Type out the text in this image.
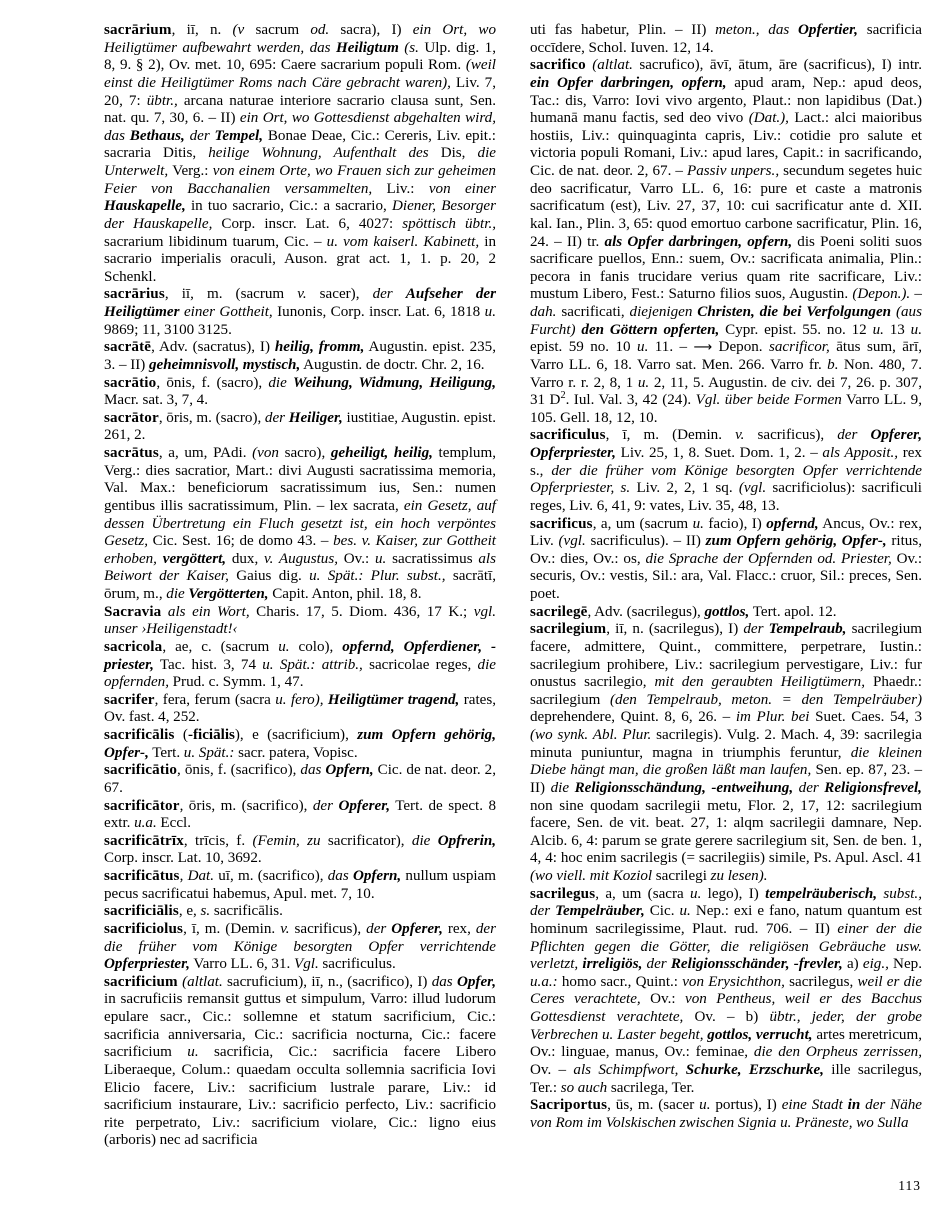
sacrārium, iī, n. (v sacrum od. sacra), I) ein Ort, wo Heiligtümer aufbewahrt werden, das Heiligtum (s. Ulp. dig. 1, 8, 9. § 2), Ov. met. 10, 695: Caere sacrarium populi Rom. (weil einst die Heiligtümer Roms nach Cäre gebracht waren), Liv. 7, 20, 7: übtr., arcana naturae interiore sacrario clausa sunt, Sen. nat. qu. 7, 30, 6. – II) ein Ort, wo Gottesdienst abgehalten wird, das Bethaus, der Tempel, Bonae Deae, Cic.: Cereris, Liv. epit.: sacraria Ditis, heilige Wohnung, Aufenthalt des Dis, die Unterwelt, Verg.: von einem Orte, wo Frauen sich zur geheimen Feier von Bacchanalien versammelten, Liv.: von einer Hauskapelle, in tuo sacrario, Cic.: a sacrario, Diener, Besorger der Hauskapelle, Corp. inscr. Lat. 6, 4027: spöttisch übtr., sacrarium libidinum tuarum, Cic. – u. vom kaiserl. Kabinett, in sacrario imperialis oraculi, Auson. grat act. 1, 1. p. 20, 2 Schenkl.

sacrārius, iī, m. (sacrum v. sacer), der Aufseher der Heiligtümer einer Gottheit, Iunonis, Corp. inscr. Lat. 6, 1818 u. 9869; 11, 3100 3125.

sacrātē, Adv. (sacratus), I) heilig, fromm, Augustin. epist. 235, 3. – II) geheimnisvoll, mystisch, Augustin. de doctr. Chr. 2, 16.

sacrātio, ōnis, f. (sacro), die Weihung, Widmung, Heiligung, Macr. sat. 3, 7, 4.

sacrātor, ōris, m. (sacro), der Heiliger, iustitiae, Augustin. epist. 261, 2.

sacrātus, a, um, PAdi. (von sacro), geheiligt, heilig, templum, Verg.: dies sacratior, Mart.: divi Augusti sacratissima memoria, Val. Max.: beneficiorum sacratissimum ius, Sen.: numen gentibus illis sacratissimum, Plin. – lex sacrata, ein Gesetz, auf dessen Übertretung ein Fluch gesetzt ist, ein hoch verpöntes Gesetz, Cic. Sest. 16; de domo 43. – bes. v. Kaiser, zur Gottheit erhoben, vergöttert, dux, v. Augustus, Ov.: u. sacratissimus als Beiwort der Kaiser, Gaius dig. u. Spät.: Plur. subst., sacrātī, ōrum, m., die Vergötterten, Capit. Anton, phil. 18, 8.

Sacravia als ein Wort, Charis. 17, 5. Diom. 436, 17 K.; vgl. unser ›Heiligenstadt!‹

sacricola, ae, c. (sacrum u. colo), opfernd, Opferdiener, -priester, Tac. hist. 3, 74 u. Spät.: attrib., sacricolae reges, die opfernden, Prud. c. Symm. 1, 47.

sacrifer, fera, ferum (sacra u. fero), Heiligtümer tragend, rates, Ov. fast. 4, 252.

sacrificālis (-ficiālis), e (sacrificium), zum Opfern gehörig, Opfer-, Tert. u. Spät.: sacr. patera, Vopisc.

sacrificātio, ōnis, f. (sacrifico), das Opfern, Cic. de nat. deor. 2, 67.

sacrificātor, ōris, m. (sacrifico), der Opferer, Tert. de spect. 8 extr. u.a. Eccl.

sacrificātrīx, trīcis, f. (Femin, zu sacrificator), die Opfrerin, Corp. inscr. Lat. 10, 3692.

sacrificātus, Dat. uī, m. (sacrifico), das Opfern, nullum uspiam pecus sacrificatui habemus, Apul. met. 7, 10.

sacrificiālis, e, s. sacrificālis.

sacrificiolus, ī, m. (Demin. v. sacrificus), der Opferer, rex, der die früher vom Könige besorgten Opfer verrichtende Opferpriester, Varro LL. 6, 31. Vgl. sacrificulus.

sacrificium (altlat. sacruficium), iī, n., (sacrifico), I) das Opfer, in sacruficiis remansit guttus et simpulum, Varro: illud ludorum epulare sacr., Cic.: sollemne et statum sacrificium, Cic.: sacrificia anniversaria, Cic.: sacrificia nocturna, Cic.: facere sacrificium u. sacrificia, Cic.: sacrificia facere Libero Liberaeque, Colum.: quaedam occulta sollemnia sacrificia Iovi Elicio facere, Liv.: sacrificium lustrale parare, Liv.: id sacrificium instaurare, Liv.: sacrificio perfecto, Liv.: sacrificio rite perpetrato, Liv.: sacrificium violare, Cic.: ligno eius (arboris) nec ad sacrificia

uti fas habetur, Plin. – II) meton., das Opfertier, sacrificia occīdere, Schol. Iuven. 12, 14.

sacrifico (altlat. sacrufico), āvī, ātum, āre (sacrificus), I) intr. ein Opfer darbringen, opfern, apud aram, Nep.: apud deos, Tac.: dis, Varro: Iovi vivo argento, Plaut.: non lapidibus (Dat.) humanā manu factis, sed deo vivo (Dat.), Lact.: alci maioribus hostiis, Liv.: quinquaginta capris, Liv.: cotidie pro salute et victoria populi Romani, Liv.: apud lares, Capit.: in sacrificando, Cic. de nat. deor. 2, 67. – Passiv unpers., secundum segetes huic deo sacrificatur, Varro LL. 6, 16: pure et caste a matronis sacrificatum (est), Liv. 27, 37, 10: cui sacrificatur ante d. XII. kal. Ian., Plin. 3, 65: quod emortuo carbone sacrificatur, Plin. 16, 24. – II) tr. als Opfer darbringen, opfern, dis Poeni soliti suos sacrificare puellos, Enn.: suem, Ov.: sacrificata animalia, Plin.: pecora in fanis trucidare verius quam rite sacrificare, Liv.: mustum Libero, Fest.: Saturno filios suos, Augustin. (Depon.). – dah. sacrificati, diejenigen Christen, die bei Verfolgungen (aus Furcht) den Göttern opferten, Cypr. epist. 55. no. 12 u. 13 u. epist. 59 no. 10 u. 11. – ⟶ Depon. sacrificor, ātus sum, ārī, Varro LL. 6, 18. Varro sat. Men. 266. Varro fr. b. Non. 480, 7. Varro r. r. 2, 8, 1 u. 2, 11, 5. Augustin. de civ. dei 7, 26. p. 307, 31 $D^2$. Iul. Val. 3, 42 (24). Vgl. über beide Formen Varro LL. 9, 105. Gell. 18, 12, 10.

sacrificulus, ī, m. (Demin. v. sacrificus), der Opferer, Opferpriester, Liv. 25, 1, 8. Suet. Dom. 1, 2. – als Apposit., rex s., der die früher vom Könige besorgten Opfer verrichtende Opferpriester, s. Liv. 2, 2, 1 sq. (vgl. sacrificiolus): sacrificuli reges, Liv. 6, 41, 9: vates, Liv. 35, 48, 13.

sacrificus, a, um (sacrum u. facio), I) opfernd, Ancus, Ov.: rex, Liv. (vgl. sacrificulus). – II) zum Opfern gehörig, Opfer-, ritus, Ov.: dies, Ov.: os, die Sprache der Opfernden od. Priester, Ov.: securis, Ov.: vestis, Sil.: ara, Val. Flacc.: cruor, Sil.: preces, Sen. poet.

sacrilegē, Adv. (sacrilegus), gottlos, Tert. apol. 12.

sacrilegium, iī, n. (sacrilegus), I) der Tempelraub, sacrilegium facere, admittere, Quint., committere, perpetrare, Iustin.: sacrilegium prohibere, Liv.: sacrilegium pervestigare, Liv.: fur onustus sacrilegio, mit den geraubten Heiligtümern, Phaedr.: sacrilegium (den Tempelraub, meton. = den Tempelräuber) deprehendere, Quint. 8, 6, 26. – im Plur. bei Suet. Caes. 54, 3 (wo synk. Abl. Plur. sacrilegis). Vulg. 2. Mach. 4, 39: sacrilegia minuta puniuntur, magna in triumphis feruntur, die kleinen Diebe hängt man, die großen läßt man laufen, Sen. ep. 87, 23. – II) die Religionsschändung, -entweihung, der Religionsfrevel, non sine quodam sacrilegii metu, Flor. 2, 17, 12: sacrilegium facere, Sen. de vit. beat. 27, 1: alqm sacrilegii damnare, Nep. Alcib. 6, 4: parum se grate gerere sacrilegium sit, Sen. de ben. 1, 4, 4: hoc enim sacrilegis (= sacrilegiis) simile, Ps. Apul. Ascl. 41 (wo viell. mit Koziol sacrilegi zu lesen).

sacrilegus, a, um (sacra u. lego), I) tempelräuberisch, subst., der Tempelräuber, Cic. u. Nep.: exi e fano, natum quantum est hominum sacrilegissime, Plaut. rud. 706. – II) einer der die Pflichten gegen die Götter, die religiösen Gebräuche usw. verletzt, irreligiös, der Religionsschänder, -frevler, a) eig., Nep. u.a.: homo sacr., Quint.: von Erysichthon, sacrilegus, weil er die Ceres verachtete, Ov.: von Pentheus, weil er des Bacchus Gottesdienst verachtete, Ov. – b) übtr., jeder, der grobe Verbrechen u. Laster begeht, gottlos, verrucht, artes meretricum, Ov.: linguae, manus, Ov.: feminae, die den Orpheus zerrissen, Ov. – als Schimpfwort, Schurke, Erzschurke, ille sacrilegus, Ter.: so auch sacrilega, Ter.

Sacriportus, ūs, m. (sacer u. portus), I) eine Stadt in der Nähe von Rom im Volskischen zwischen Signia u. Präneste, wo Sulla

113
